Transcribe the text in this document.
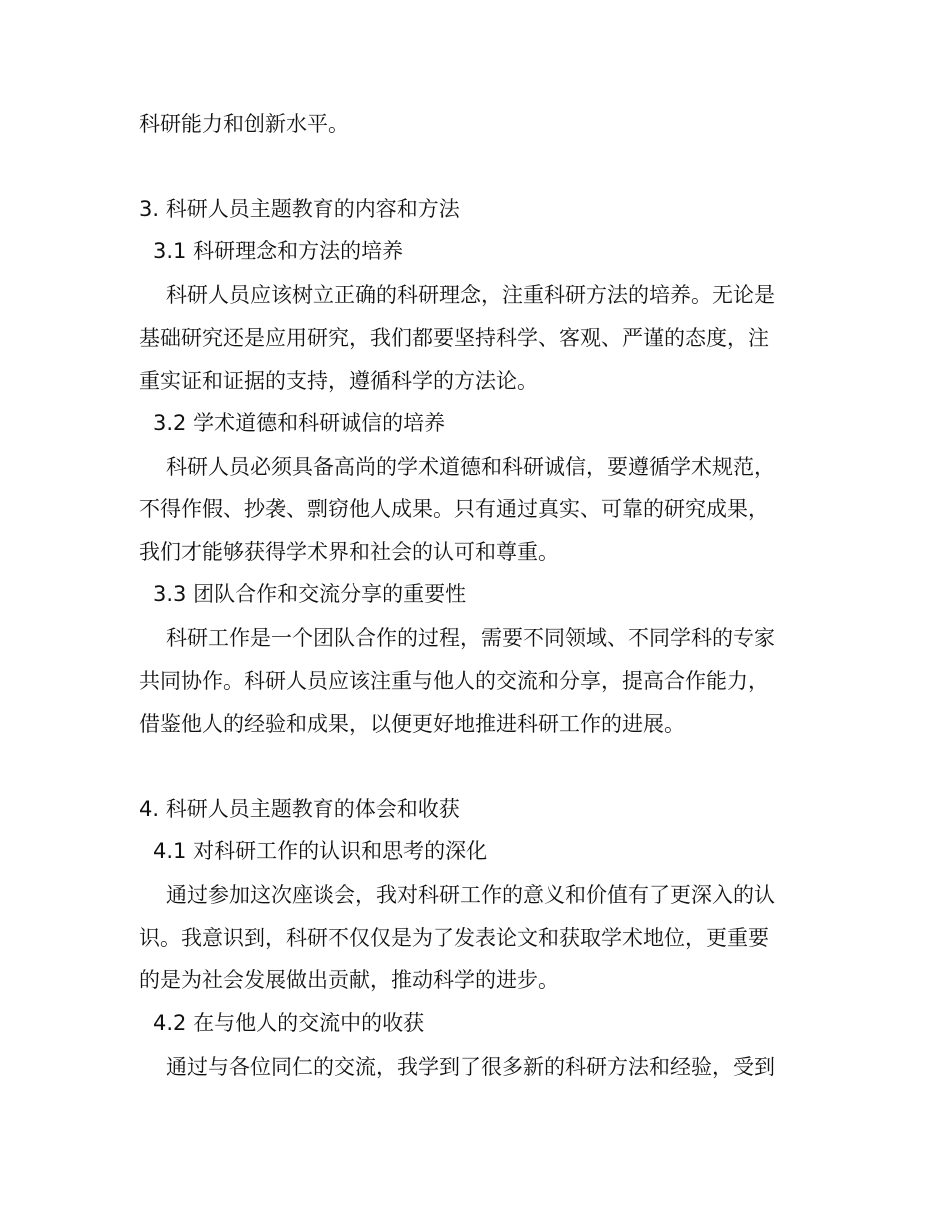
科研能力和创新水平。
3. 科研人员主题教育的内容和方法
3.1 科研理念和方法的培养
科研人员应该树立正确的科研理念，注重科研方法的培养。无论是
基础研究还是应用研究，我们都要坚持科学、客观、严谨的态度，注
重实证和证据的支持，遵循科学的方法论。
3.2 学术道德和科研诚信的培养
科研人员必须具备高尚的学术道德和科研诚信，要遵循学术规范，
不得作假、抄袭、剽窃他人成果。只有通过真实、可靠的研究成果，
我们才能够获得学术界和社会的认可和尊重。
3.3 团队合作和交流分享的重要性
科研工作是一个团队合作的过程，需要不同领域、不同学科的专家
共同协作。科研人员应该注重与他人的交流和分享，提高合作能力，
借鉴他人的经验和成果，以便更好地推进科研工作的进展。
4. 科研人员主题教育的体会和收获
4.1 对科研工作的认识和思考的深化
通过参加这次座谈会，我对科研工作的意义和价值有了更深入的认
识。我意识到，科研不仅仅是为了发表论文和获取学术地位，更重要
的是为社会发展做出贡献，推动科学的进步。
4.2 在与他人的交流中的收获
通过与各位同仁的交流，我学到了很多新的科研方法和经验，受到
